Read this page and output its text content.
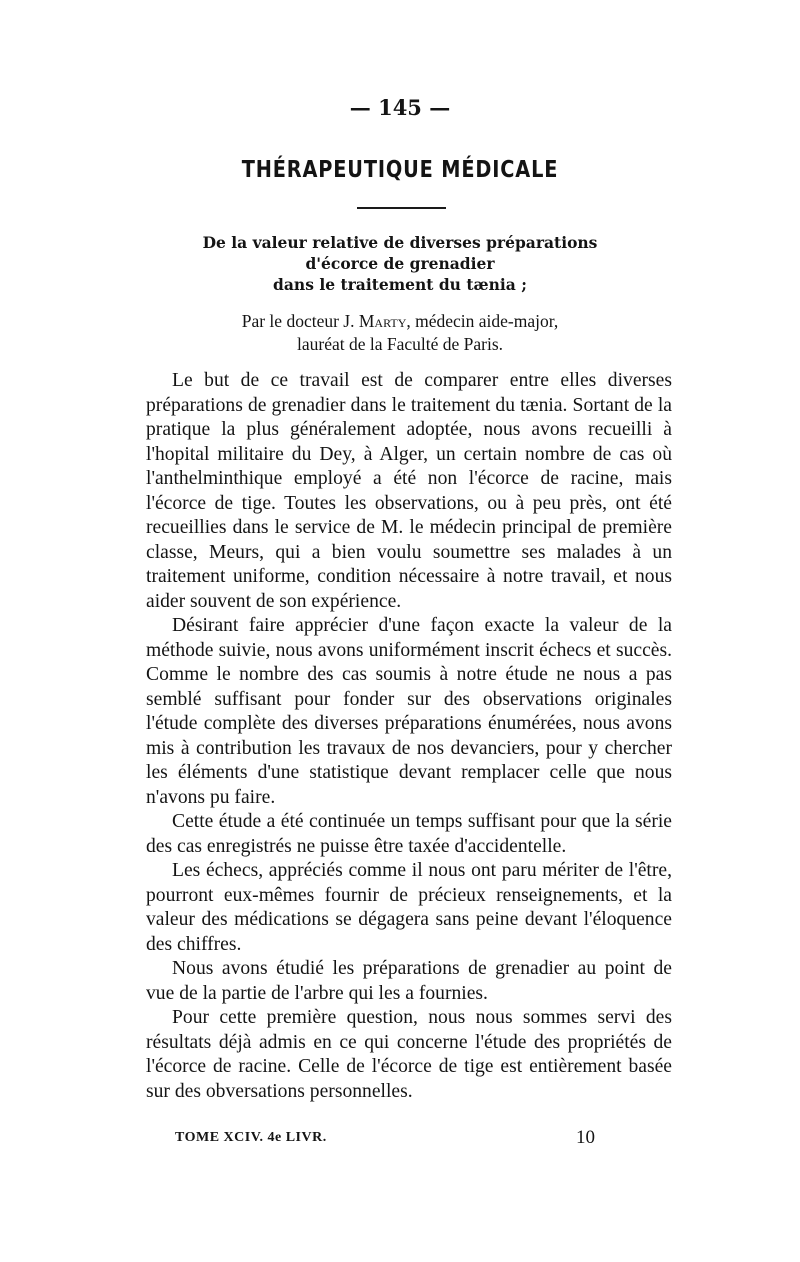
— 145 —
THÉRAPEUTIQUE MÉDICALE
De la valeur relative de diverses préparations
d'écorce de grenadier
dans le traitement du tænia ;
Par le docteur J. Marty, médecin aide-major,
lauréat de la Faculté de Paris.

Le but de ce travail est de comparer entre elles diverses préparations de grenadier dans le traitement du tænia. Sortant de la pratique la plus généralement adoptée, nous avons recueilli à l'hopital militaire du Dey, à Alger, un certain nombre de cas où l'anthelminthique employé a été non l'écorce de racine, mais l'écorce de tige. Toutes les observations, ou à peu près, ont été recueillies dans le service de M. le médecin principal de première classe, Meurs, qui a bien voulu soumettre ses malades à un traitement uniforme, condition nécessaire à notre travail, et nous aider souvent de son expérience.

Désirant faire apprécier d'une façon exacte la valeur de la méthode suivie, nous avons uniformément inscrit échecs et succès. Comme le nombre des cas soumis à notre étude ne nous a pas semblé suffisant pour fonder sur des observations originales l'étude complète des diverses préparations énumérées, nous avons mis à contribution les travaux de nos devanciers, pour y chercher les éléments d'une statistique devant remplacer celle que nous n'avons pu faire.

Cette étude a été continuée un temps suffisant pour que la série des cas enregistrés ne puisse être taxée d'accidentelle.

Les échecs, appréciés comme il nous ont paru mériter de l'être, pourront eux-mêmes fournir de précieux renseignements, et la valeur des médications se dégagera sans peine devant l'éloquence des chiffres.

Nous avons étudié les préparations de grenadier au point de vue de la partie de l'arbre qui les a fournies.

Pour cette première question, nous nous sommes servi des résultats déjà admis en ce qui concerne l'étude des propriétés de l'écorce de racine. Celle de l'écorce de tige est entièrement basée sur des obversations personnelles.

TOME XCIV. 4e LIVR.	10
